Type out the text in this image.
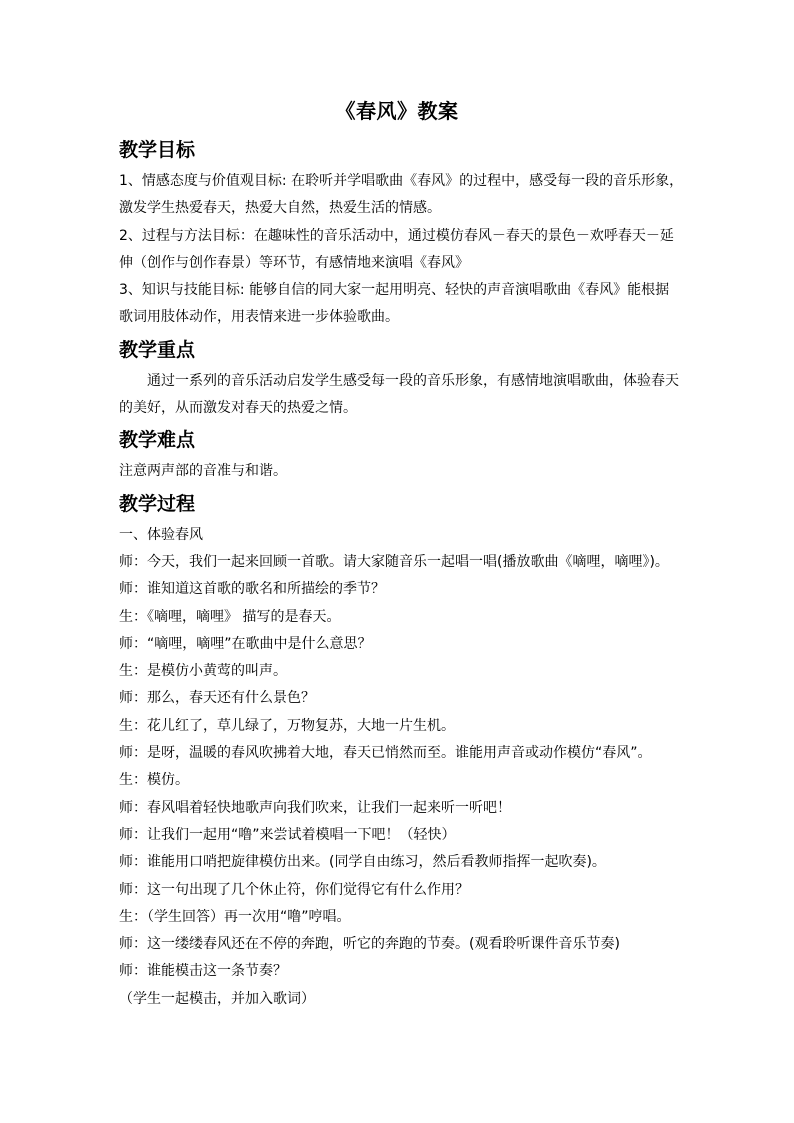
《春风》教案
教学目标
1、情感态度与价值观目标: 在聆听并学唱歌曲《春风》的过程中，感受每一段的音乐形象，
激发学生热爱春天，热爱大自然，热爱生活的情感。
2、过程与方法目标：在趣味性的音乐活动中，通过模仿春风－春天的景色－欢呼春天－延
伸（创作与创作春景）等环节，有感情地来演唱《春风》
3、知识与技能目标: 能够自信的同大家一起用明亮、轻快的声音演唱歌曲《春风》能根据
歌词用肢体动作，用表情来进一步体验歌曲。
教学重点
通过一系列的音乐活动启发学生感受每一段的音乐形象，有感情地演唱歌曲，体验春天
的美好，从而激发对春天的热爱之情。
教学难点
注意两声部的音准与和谐。
教学过程
一、体验春风
师：今天，我们一起来回顾一首歌。请大家随音乐一起唱一唱(播放歌曲《嘀哩，嘀哩》)。
师：谁知道这首歌的歌名和所描绘的季节？
生：《嘀哩，嘀哩》 描写的是春天。
师：“嘀哩，嘀哩”在歌曲中是什么意思？
生：是模仿小黄莺的叫声。
师：那么，春天还有什么景色？
生：花儿红了，草儿绿了，万物复苏，大地一片生机。
师：是呀，温暖的春风吹拂着大地，春天已悄然而至。谁能用声音或动作模仿“春风”。
生：模仿。
师：春风唱着轻快地歌声向我们吹来，让我们一起来听一听吧！
师：让我们一起用“噜”来尝试着模唱一下吧！（轻快）
师：谁能用口哨把旋律模仿出来。(同学自由练习，然后看教师指挥一起吹奏)。
师：这一句出现了几个休止符，你们觉得它有什么作用？
生：（学生回答）再一次用“噜”哼唱。
师：这一缕缕春风还在不停的奔跑，听它的奔跑的节奏。(观看聆听课件音乐节奏)
师：谁能模击这一条节奏？
（学生一起模击，并加入歌词）
